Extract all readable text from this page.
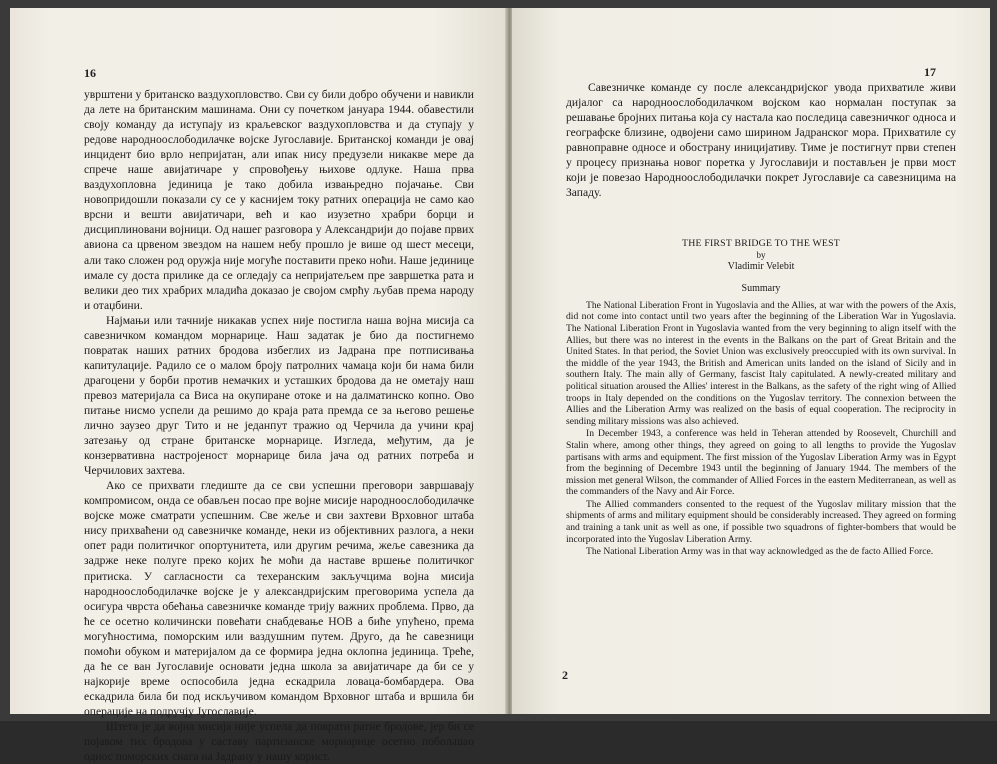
16

уврштени у британско ваздухопловство. Сви су били добро обучени и навикли да лете на британским машинама. Они су почетком јануара 1944. обавестили своју команду да иступају из краљевског ваздухопловства и да ступају у редове народноослободилачке војске Југославије. Британској команди је овај инцидент био врло непријатан, али ипак нису предузели никакве мере да спрече наше авијатичаре у спровођењу њихове одлуке. Наша прва ваздухопловна јединица је тако добила извањредно појачање. Сви новопридошли показали су се у каснијем току ратних операција не само као врсни и вешти авијатичари, већ и као изузетно храбри борци и дисциплиновани војници. Од нашег разговора у Александрији до појаве првих авиона са црвеном звездом на нашем небу прошло је више од шест месеци, али тако сложен род оружја није могуће поставити преко ноћи. Наше јединице имале су доста прилике да се огледају са непријатељем пре завршетка рата и велики део тих храбрих младића доказао је својом смрћу љубав према народу и отаџбини.

Најмањи или тачније никакав успех није постигла наша војна мисија са савезничком командом морнарице. Наш задатак је био да постигнемо повратак наших ратних бродова избеглих из Јадрана пре потписивања капитулације. Радило се о малом броју патролних чамаца који би нама били драгоцени у борби против немачких и усташких бродова да не ометају наш превоз материјала са Виса на окупиране отоке и на далматинско копно. Ово питање нисмо успели да решимо до краја рата премда се за његово решење лично заузео друг Тито и не једанпут тражио од Черчила да учини крај затезању од стране британске морнарице. Изгледа, међутим, да је конзервативна настројеност морнарице била јача од ратних потреба и Черчилових захтева.

Ако се прихвати гледиште да се сви успешни преговори завршавају компромисом, онда се обављен посао пре војне мисије народноослободилачке војске може сматрати успешним. Све жеље и сви захтеви Врховног штаба нису прихваћени од савезничке команде, неки из објективних разлога, а неки опет ради политичког опортунитета, или другим речима, жеље савезника да задрже неке полуге преко којих ће моћи да наставе вршење политичког притиска. У сагласности са техеранским закључцима војна мисија народноослободилачке војске је у александријским преговорима успела да осигура чврста обећања савезничке команде трију важних проблема. Прво, да ће се осетно количински повећати снабдевање НОВ а биће упућено, према могућностима, поморским или ваздушним путем. Друго, да ће савезници помоћи обуком и материјалом да се формира једна оклопна јединица. Треће, да ће се ван Југославије основати једна школа за авијатичаре да би се у најкорије време оспособила једна ескадрила ловаца-бомбардера. Ова ескадрила била би под искључивом командом Врховног штаба и вршила би операције на подручју Југославије.

Штета је да војна мисија није успела да поврати ратне бродове, јер би се појавом тих бродова у саставу партизанске морнарице осетно побољшао однос поморских снага на Јадрану у нашу корист.

17

Савезничке команде су после александријског увода прихватиле живи дијалог са народноослободилачком војском као нормалан поступак за решавање бројних питања која су настала као последица савезничког односа и географске близине, одвојени само ширином Јадранског мора. Прихватиле су равноправне односе и обострану иницијативу. Тиме је постигнут први степен у процесу признања новог поретка у Југославији и постављен је први мост који је повезао Народноослободилачки покрет Југославије са савезницима на Западу.

THE FIRST BRIDGE TO THE WEST

by

Vladimir Velebit

Summary

The National Liberation Front in Yugoslavia and the Allies, at war with the powers of the Axis, did not come into contact until two years after the beginning of the Liberation War in Yugoslavia. The National Liberation Front in Yugoslavia wanted from the very beginning to align itself with the Allies, but there was no interest in the events in the Balkans on the part of Great Britain and the United States. In that period, the Soviet Union was exclusively preoccupied with its own survival. In the middle of the year 1943, the British and American units landed on the island of Sicily and in southern Italy. The main ally of Germany, fascist Italy capitulated. A newly-created military and political situation aroused the Allies' interest in the Balkans, as the safety of the right wing of Allied troops in Italy depended on the conditions on the Yugoslav territory. The connexion between the Allies and the Liberation Army was realized on the basis of equal cooperation. The reciprocity in sending military missions was also achieved.

In December 1943, a conference was held in Teheran attended by Roosevelt, Churchill and Stalin where, among other things, they agreed on going to all lengths to provide the Yugoslav partisans with arms and equipment. The first mission of the Yugoslav Liberation Army was in Egypt from the beginning of Decembre 1943 until the beginning of January 1944. The members of the mission met general Wilson, the commander of Allied Forces in the eastern Mediterranean, as well as the commanders of the Navy and Air Force.

The Allied commanders consented to the request of the Yugoslav military mission that the shipments of arms and military equipment should be considerably increased. They agreed on forming and training a tank unit as well as one, if possible two squadrons of fighter-bombers that would be incorporated into the Yugoslav Liberation Army.

The National Liberation Army was in that way acknowledged as the de facto Allied Force.

2
